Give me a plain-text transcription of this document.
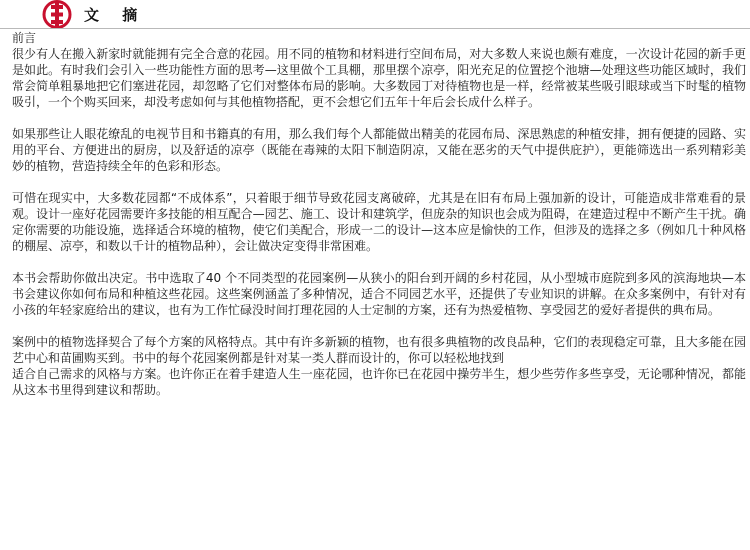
文 摘

前言

很少有人在搬入新家时就能拥有完全合意的花园。用不同的植物和材料进行空间布局，对大多数人来说也颇有难度，一次设计花园的新手更是如此。有时我们会引入一些功能性方面的思考—这里做个工具棚，那里摆个凉亭，阳光充足的位置挖个池塘—处理这些功能区域时，我们常会简单粗暴地把它们塞进花园，却忽略了它们对整体布局的影响。大多数园丁对待植物也是一样，经常被某些吸引眼球或当下时髦的植物吸引，一个个购买回来，却没考虑如何与其他植物搭配，更不会想它们五年十年后会长成什么样子。

如果那些让人眼花缭乱的电视节目和书籍真的有用，那么我们每个人都能做出精美的花园布局、深思熟虑的种植安排，拥有便捷的园路、实用的平台、方便进出的厨房，以及舒适的凉亭（既能在毒辣的太阳下制造阴凉，又能在恶劣的天气中提供庇护），更能筛选出一系列精彩美妙的植物，营造持续全年的色彩和形态。

可惜在现实中，大多数花园都“不成体系”，只着眼于细节导致花园支离破碎，尤其是在旧有布局上强加新的设计，可能造成非常难看的景观。设计一座好花园需要许多技能的相互配合—园艺、施工、设计和建筑学，但庞杂的知识也会成为阻碍，在建造过程中不断产生干扰。确定你需要的功能设施，选择适合环境的植物，使它们美配合，形成一二的设计—这本应是愉快的工作，但涉及的选择之多（例如几十种风格的棚屋、凉亭，和数以千计的植物品种），会让做决定变得非常困难。

本书会帮助你做出决定。书中选取了40 个不同类型的花园案例—从狭小的阳台到开阔的乡村花园，从小型城市庭院到多风的滨海地块—本书会建议你如何布局和种植这些花园。这些案例涵盖了多种情况，适合不同园艺水平，还提供了专业知识的讲解。在众多案例中，有针对有小孩的年轻家庭给出的建议，也有为工作忙碌没时间打理花园的人士定制的方案，还有为热爱植物、享受园艺的爱好者提供的典布局。

案例中的植物选择契合了每个方案的风格特点。其中有许多新颖的植物，也有很多典植物的改良品种，它们的表现稳定可靠，且大多能在园艺中心和苗圃购买到。书中的每个花园案例都是针对某一类人群而设计的，你可以轻松地找到
适合自己需求的风格与方案。也许你正在着手建造人生一座花园，也许你已在花园中操劳半生，想少些劳作多些享受，无论哪种情况，都能从这本书里得到建议和帮助。
